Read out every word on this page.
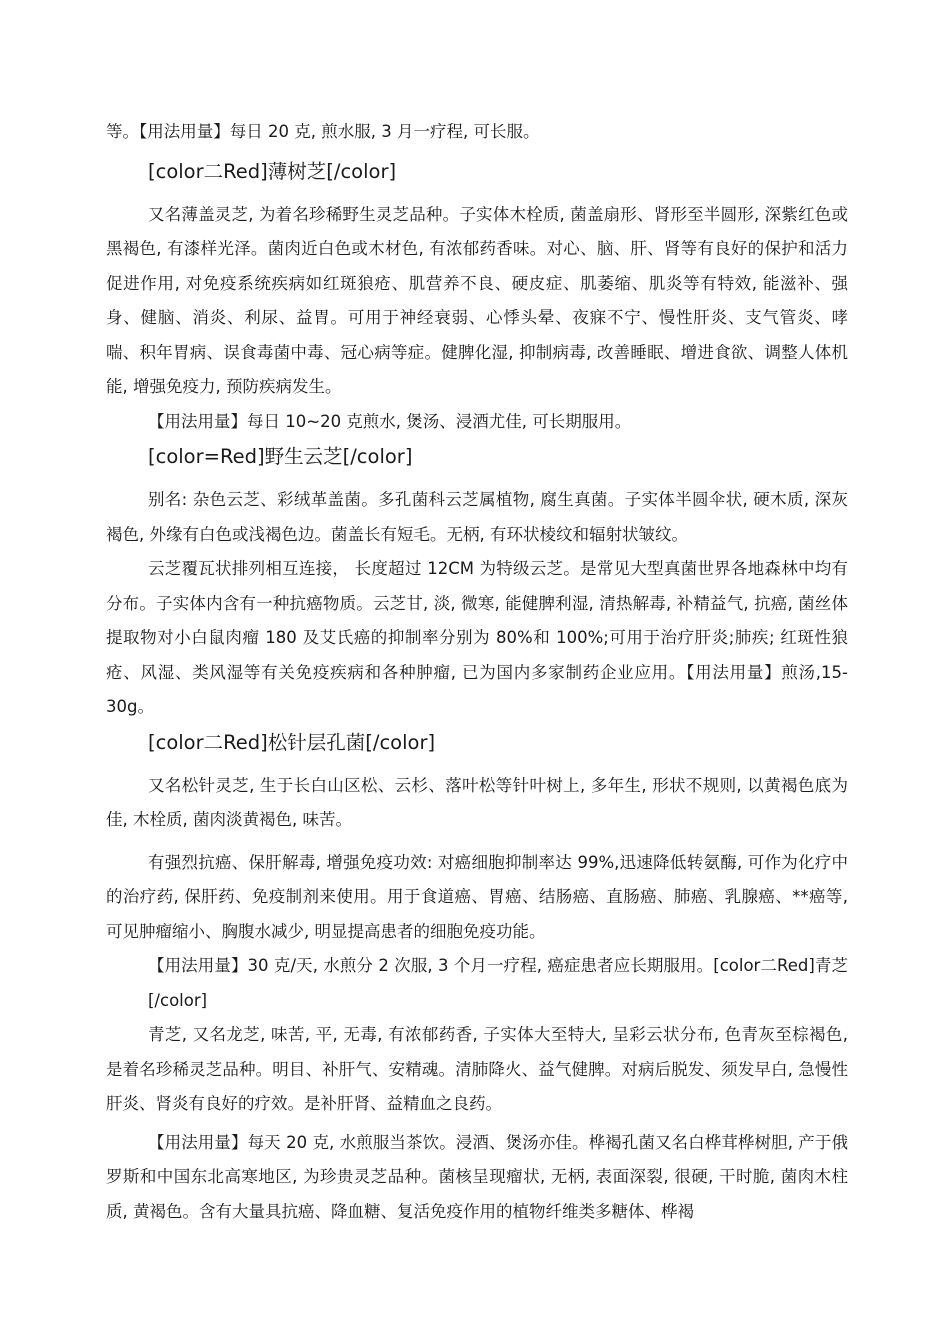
等。【用法用量】每日 20 克, 煎水服, 3 月一疗程, 可长服。

[color二Red]薄树芝[/color]

又名薄盖灵芝, 为着名珍稀野生灵芝品种。子实体木栓质, 菌盖扇形、肾形至半圆形, 深紫红色或黑褐色, 有漆样光泽。菌肉近白色或木材色, 有浓郁药香味。对心、脑、肝、肾等有良好的保护和活力促进作用, 对免疫系统疾病如红斑狼疮、肌营养不良、硬皮症、肌萎缩、肌炎等有特效, 能滋补、强身、健脑、消炎、利尿、益胃。可用于神经衰弱、心悸头晕、夜寐不宁、慢性肝炎、支气管炎、哮喘、积年胃病、误食毒菌中毒、冠心病等症。健脾化湿, 抑制病毒, 改善睡眠、增进食欲、调整人体机能, 增强免疫力, 预防疾病发生。

【用法用量】每日 10~20 克煎水, 煲汤、浸酒尤佳, 可长期服用。

[color=Red]野生云芝[/color]

别名: 杂色云芝、彩绒革盖菌。多孔菌科云芝属植物, 腐生真菌。子实体半圆伞状, 硬木质, 深灰褐色, 外缘有白色或浅褐色边。菌盖长有短毛。无柄, 有环状棱纹和辐射状皱纹。

云芝覆瓦状排列相互连接， 长度超过 12CM 为特级云芝。是常见大型真菌世界各地森林中均有分布。子实体内含有一种抗癌物质。云芝甘, 淡, 微寒, 能健脾利湿, 清热解毒, 补精益气, 抗癌, 菌丝体提取物对小白鼠肉瘤 180 及艾氏癌的抑制率分别为 80%和 100%;可用于治疗肝炎;肺疾; 红斑性狼疮、风湿、类风湿等有关免疫疾病和各种肿瘤, 已为国内多家制药企业应用。【用法用量】煎汤,15-30g。

[color二Red]松针层孔菌[/color]

又名松针灵芝, 生于长白山区松、云杉、落叶松等针叶树上, 多年生, 形状不规则, 以黄褐色底为佳, 木栓质, 菌肉淡黄褐色, 味苦。

有强烈抗癌、保肝解毒, 增强免疫功效: 对癌细胞抑制率达 99%,迅速降低转氨酶, 可作为化疗中的治疗药, 保肝药、免疫制剂来使用。用于食道癌、胃癌、结肠癌、直肠癌、肺癌、乳腺癌、**癌等, 可见肿瘤缩小、胸腹水减少, 明显提高患者的细胞免疫功能。

【用法用量】30 克/天, 水煎分 2 次服, 3 个月一疗程, 癌症患者应长期服用。[color二Red]青芝[/color]

青芝, 又名龙芝, 味苦, 平, 无毒, 有浓郁药香, 子实体大至特大, 呈彩云状分布, 色青灰至棕褐色, 是着名珍稀灵芝品种。明目、补肝气、安精魂。清肺降火、益气健脾。对病后脱发、须发早白, 急慢性肝炎、肾炎有良好的疗效。是补肝肾、益精血之良药。

【用法用量】每天 20 克, 水煎服当茶饮。浸酒、煲汤亦佳。桦褐孔菌又名白桦茸桦树胆, 产于俄罗斯和中国东北高寒地区, 为珍贵灵芝品种。菌核呈现瘤状, 无柄, 表面深裂, 很硬, 干时脆, 菌肉木柱质, 黄褐色。含有大量具抗癌、降血糖、复活免疫作用的植物纤维类多糖体、桦褐
